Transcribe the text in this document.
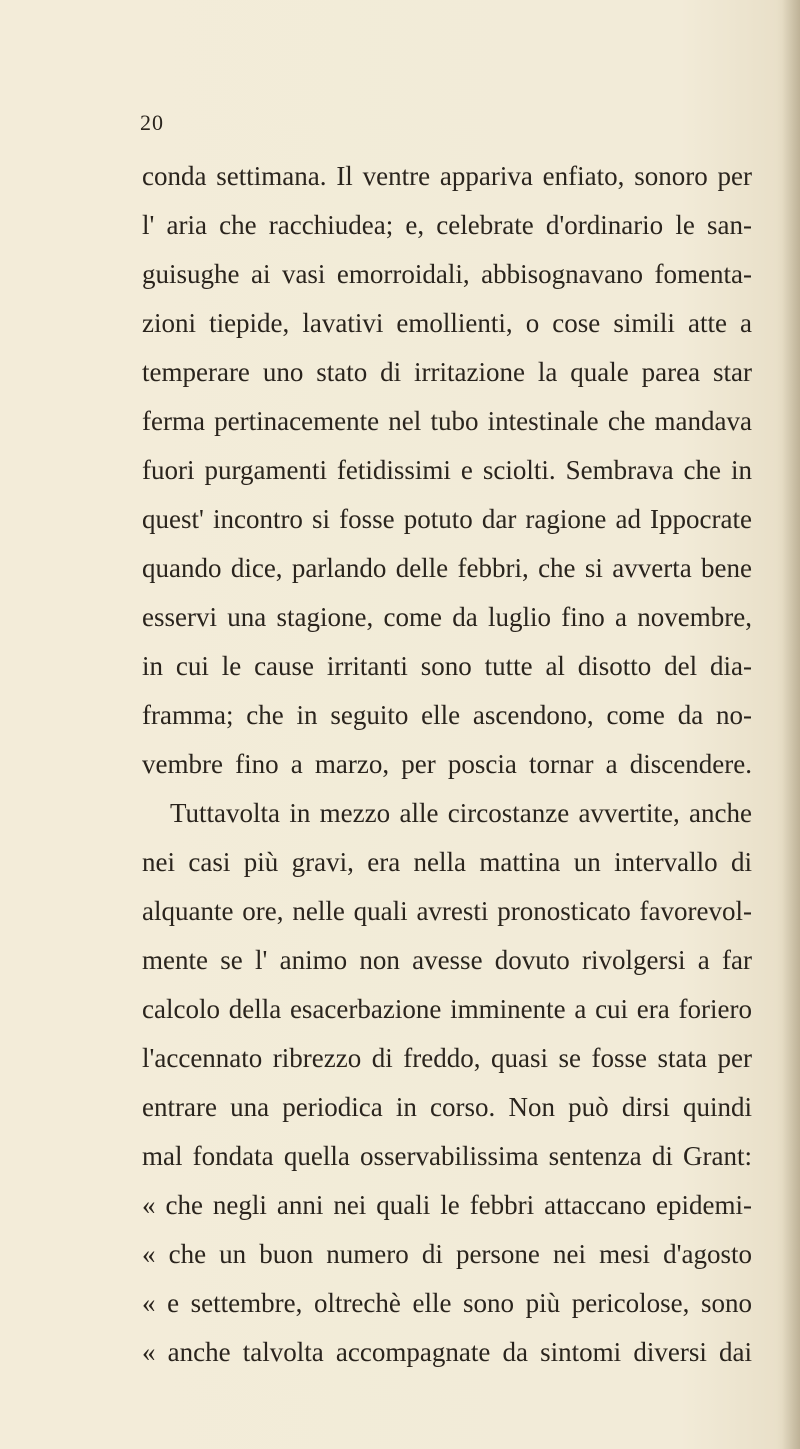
20
conda settimana. Il ventre appariva enfiato, sonoro per
l' aria che racchiudea; e, celebrate d'ordinario le san-
guisughe ai vasi emorroidali, abbisognavano fomenta-
zioni tiepide, lavativi emollienti, o cose simili atte a
temperare uno stato di irritazione la quale parea star
ferma pertinacemente nel tubo intestinale che mandava
fuori purgamenti fetidissimi e sciolti. Sembrava che in
quest' incontro si fosse potuto dar ragione ad Ippocrate
quando dice, parlando delle febbri, che si avverta bene
esservi una stagione, come da luglio fino a novembre,
in cui le cause irritanti sono tutte al disotto del dia-
framma; che in seguito elle ascendono, come da no-
vembre fino a marzo, per poscia tornar a discendere.
Tuttavolta in mezzo alle circostanze avvertite, anche
nei casi più gravi, era nella mattina un intervallo di
alquante ore, nelle quali avresti pronosticato favorevol-
mente se l' animo non avesse dovuto rivolgersi a far
calcolo della esacerbazione imminente a cui era foriero
l'accennato ribrezzo di freddo, quasi se fosse stata per
entrare una periodica in corso. Non può dirsi quindi
mal fondata quella osservabilissima sentenza di Grant:
« che negli anni nei quali le febbri attaccano epidemi-
« che un buon numero di persone nei mesi d'agosto
« e settembre, oltrechè elle sono più pericolose, sono
« anche talvolta accompagnate da sintomi diversi dai
